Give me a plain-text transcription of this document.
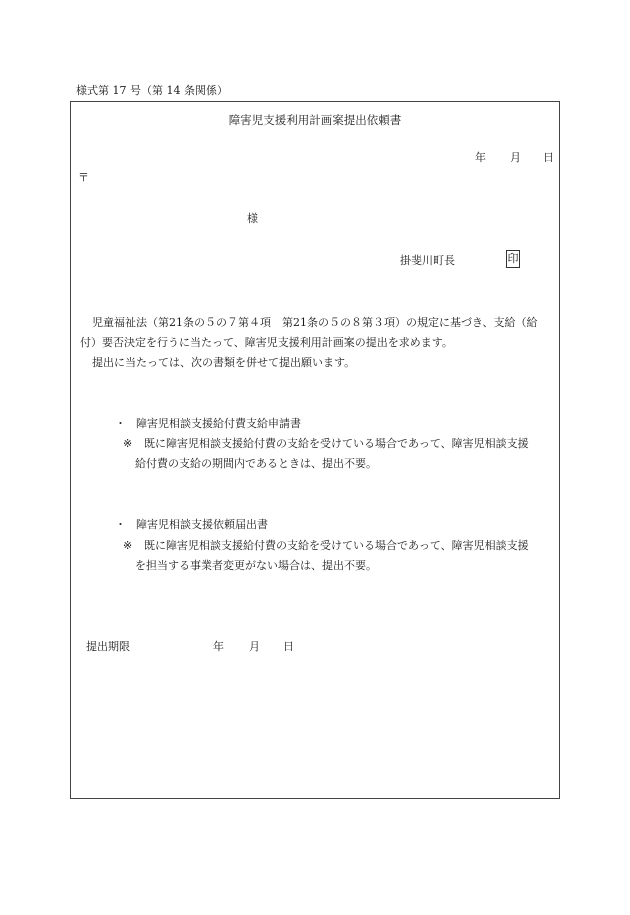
様式第 17 号（第 14 条関係）
障害児支援利用計画案提出依頼書
年 月 日
〒
様
掛斐川町長	印
児童福祉法（第21条の５の７第４項　第21条の５の８第３項）の規定に基づき、支給（給
付）要否決定を行うに当たって、障害児支援利用計画案の提出を求めます。
提出に当たっては、次の書類を併せて提出願います。
・ 障害児相談支援給付費支給申請書
※ 既に障害児相談支援給付費の支給を受けている場合であって、障害児相談支援
給付費の支給の期間内であるときは、提出不要。
・ 障害児相談支援依頼届出書
※ 既に障害児相談支援給付費の支給を受けている場合であって、障害児相談支援
を担当する事業者変更がない場合は、提出不要。
提出期限	年 月 日
